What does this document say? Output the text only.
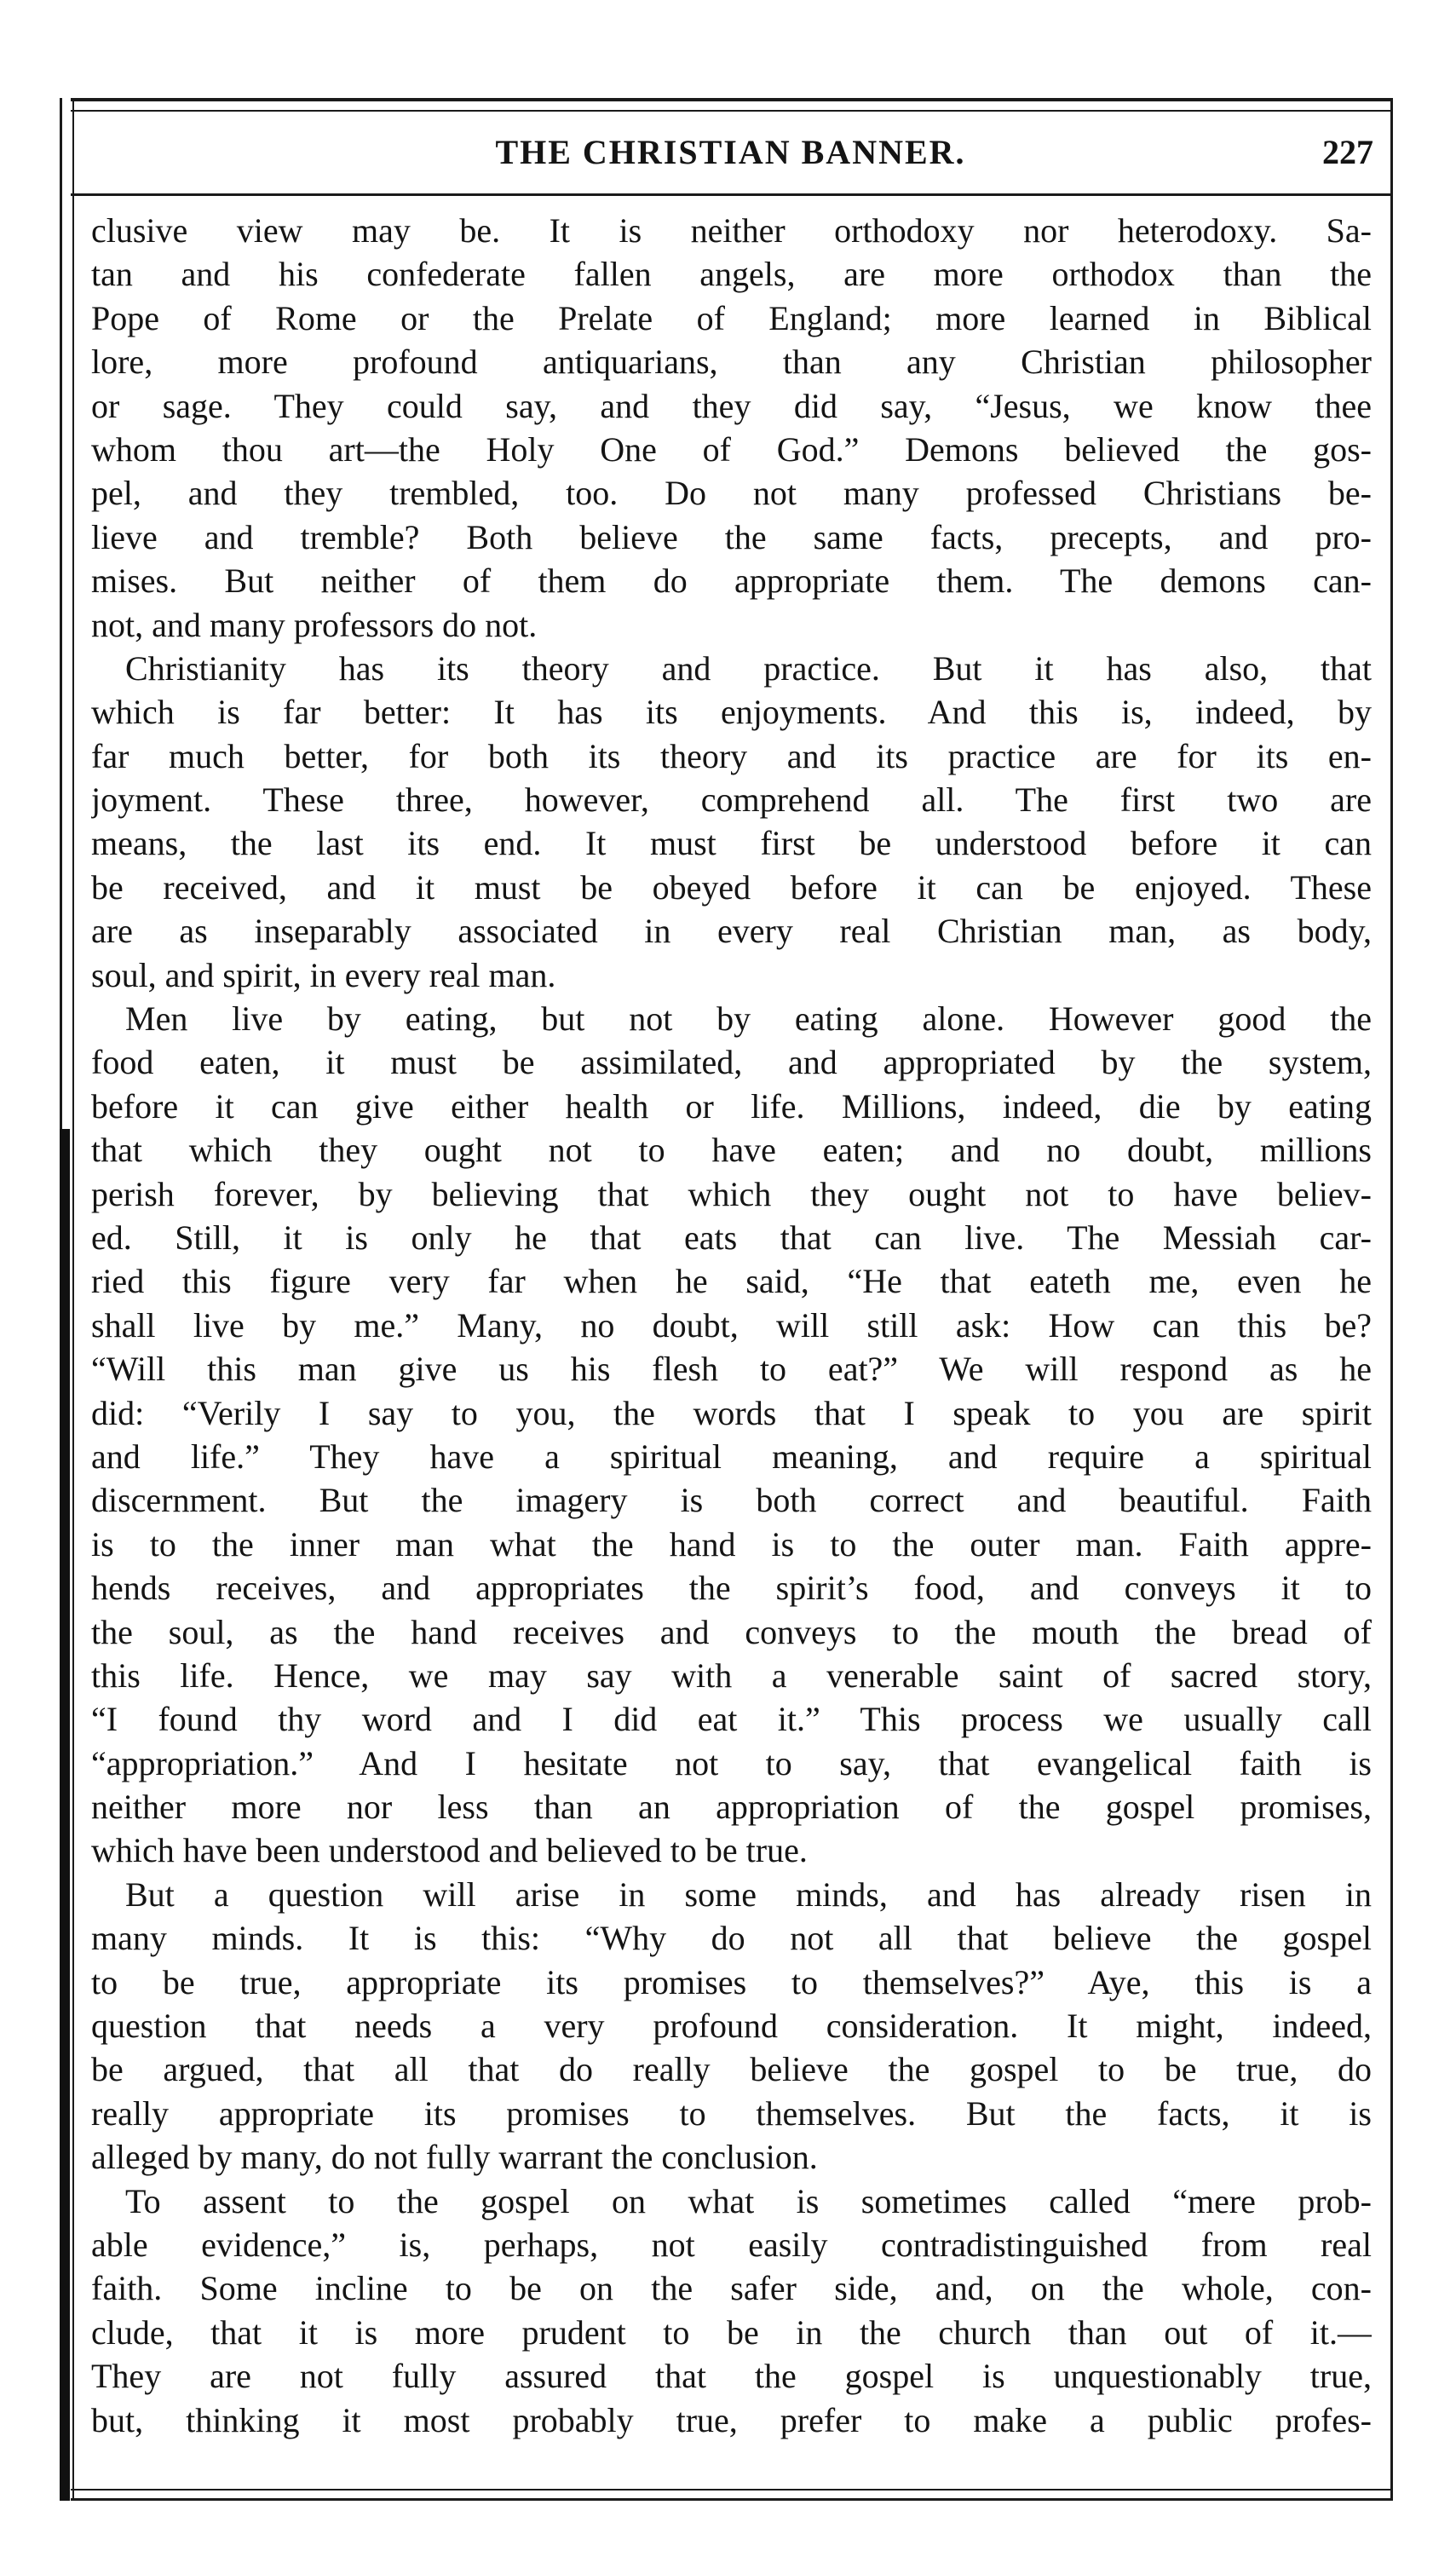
THE CHRISTIAN BANNER.	227
clusive view may be. It is neither orthodoxy nor heterodoxy. Sa-
tan and his confederate fallen angels, are more orthodox than the
Pope of Rome or the Prelate of England; more learned in Biblical
lore, more profound antiquarians, than any Christian philosopher
or sage. They could say, and they did say, “Jesus, we know thee
whom thou art—the Holy One of God.” Demons believed the gos-
pel, and they trembled, too. Do not many professed Christians be-
lieve and tremble? Both believe the same facts, precepts, and pro-
mises. But neither of them do appropriate them. The demons can-
not, and many professors do not.
Christianity has its theory and practice. But it has also, that
which is far better: It has its enjoyments. And this is, indeed, by
far much better, for both its theory and its practice are for its en-
joyment. These three, however, comprehend all. The first two are
means, the last its end. It must first be understood before it can
be received, and it must be obeyed before it can be enjoyed. These
are as inseparably associated in every real Christian man, as body,
soul, and spirit, in every real man.
Men live by eating, but not by eating alone. However good the
food eaten, it must be assimilated, and appropriated by the system,
before it can give either health or life. Millions, indeed, die by eating
that which they ought not to have eaten; and no doubt, millions
perish forever, by believing that which they ought not to have believ-
ed. Still, it is only he that eats that can live. The Messiah car-
ried this figure very far when he said, “He that eateth me, even he
shall live by me.” Many, no doubt, will still ask: How can this be?
“Will this man give us his flesh to eat?” We will respond as he
did: “Verily I say to you, the words that I speak to you are spirit
and life.” They have a spiritual meaning, and require a spiritual
discernment. But the imagery is both correct and beautiful. Faith
is to the inner man what the hand is to the outer man. Faith appre-
hends receives, and appropriates the spirit’s food, and conveys it to
the soul, as the hand receives and conveys to the mouth the bread of
this life. Hence, we may say with a venerable saint of sacred story,
“I found thy word and I did eat it.” This process we usually call
“appropriation.” And I hesitate not to say, that evangelical faith is
neither more nor less than an appropriation of the gospel promises,
which have been understood and believed to be true.
But a question will arise in some minds, and has already risen in
many minds. It is this: “Why do not all that believe the gospel
to be true, appropriate its promises to themselves?” Aye, this is a
question that needs a very profound consideration. It might, indeed,
be argued, that all that do really believe the gospel to be true, do
really appropriate its promises to themselves. But the facts, it is
alleged by many, do not fully warrant the conclusion.
To assent to the gospel on what is sometimes called “mere prob-
able evidence,” is, perhaps, not easily contradistinguished from real
faith. Some incline to be on the safer side, and, on the whole, con-
clude, that it is more prudent to be in the church than out of it.—
They are not fully assured that the gospel is unquestionably true,
but, thinking it most probably true, prefer to make a public profes-
